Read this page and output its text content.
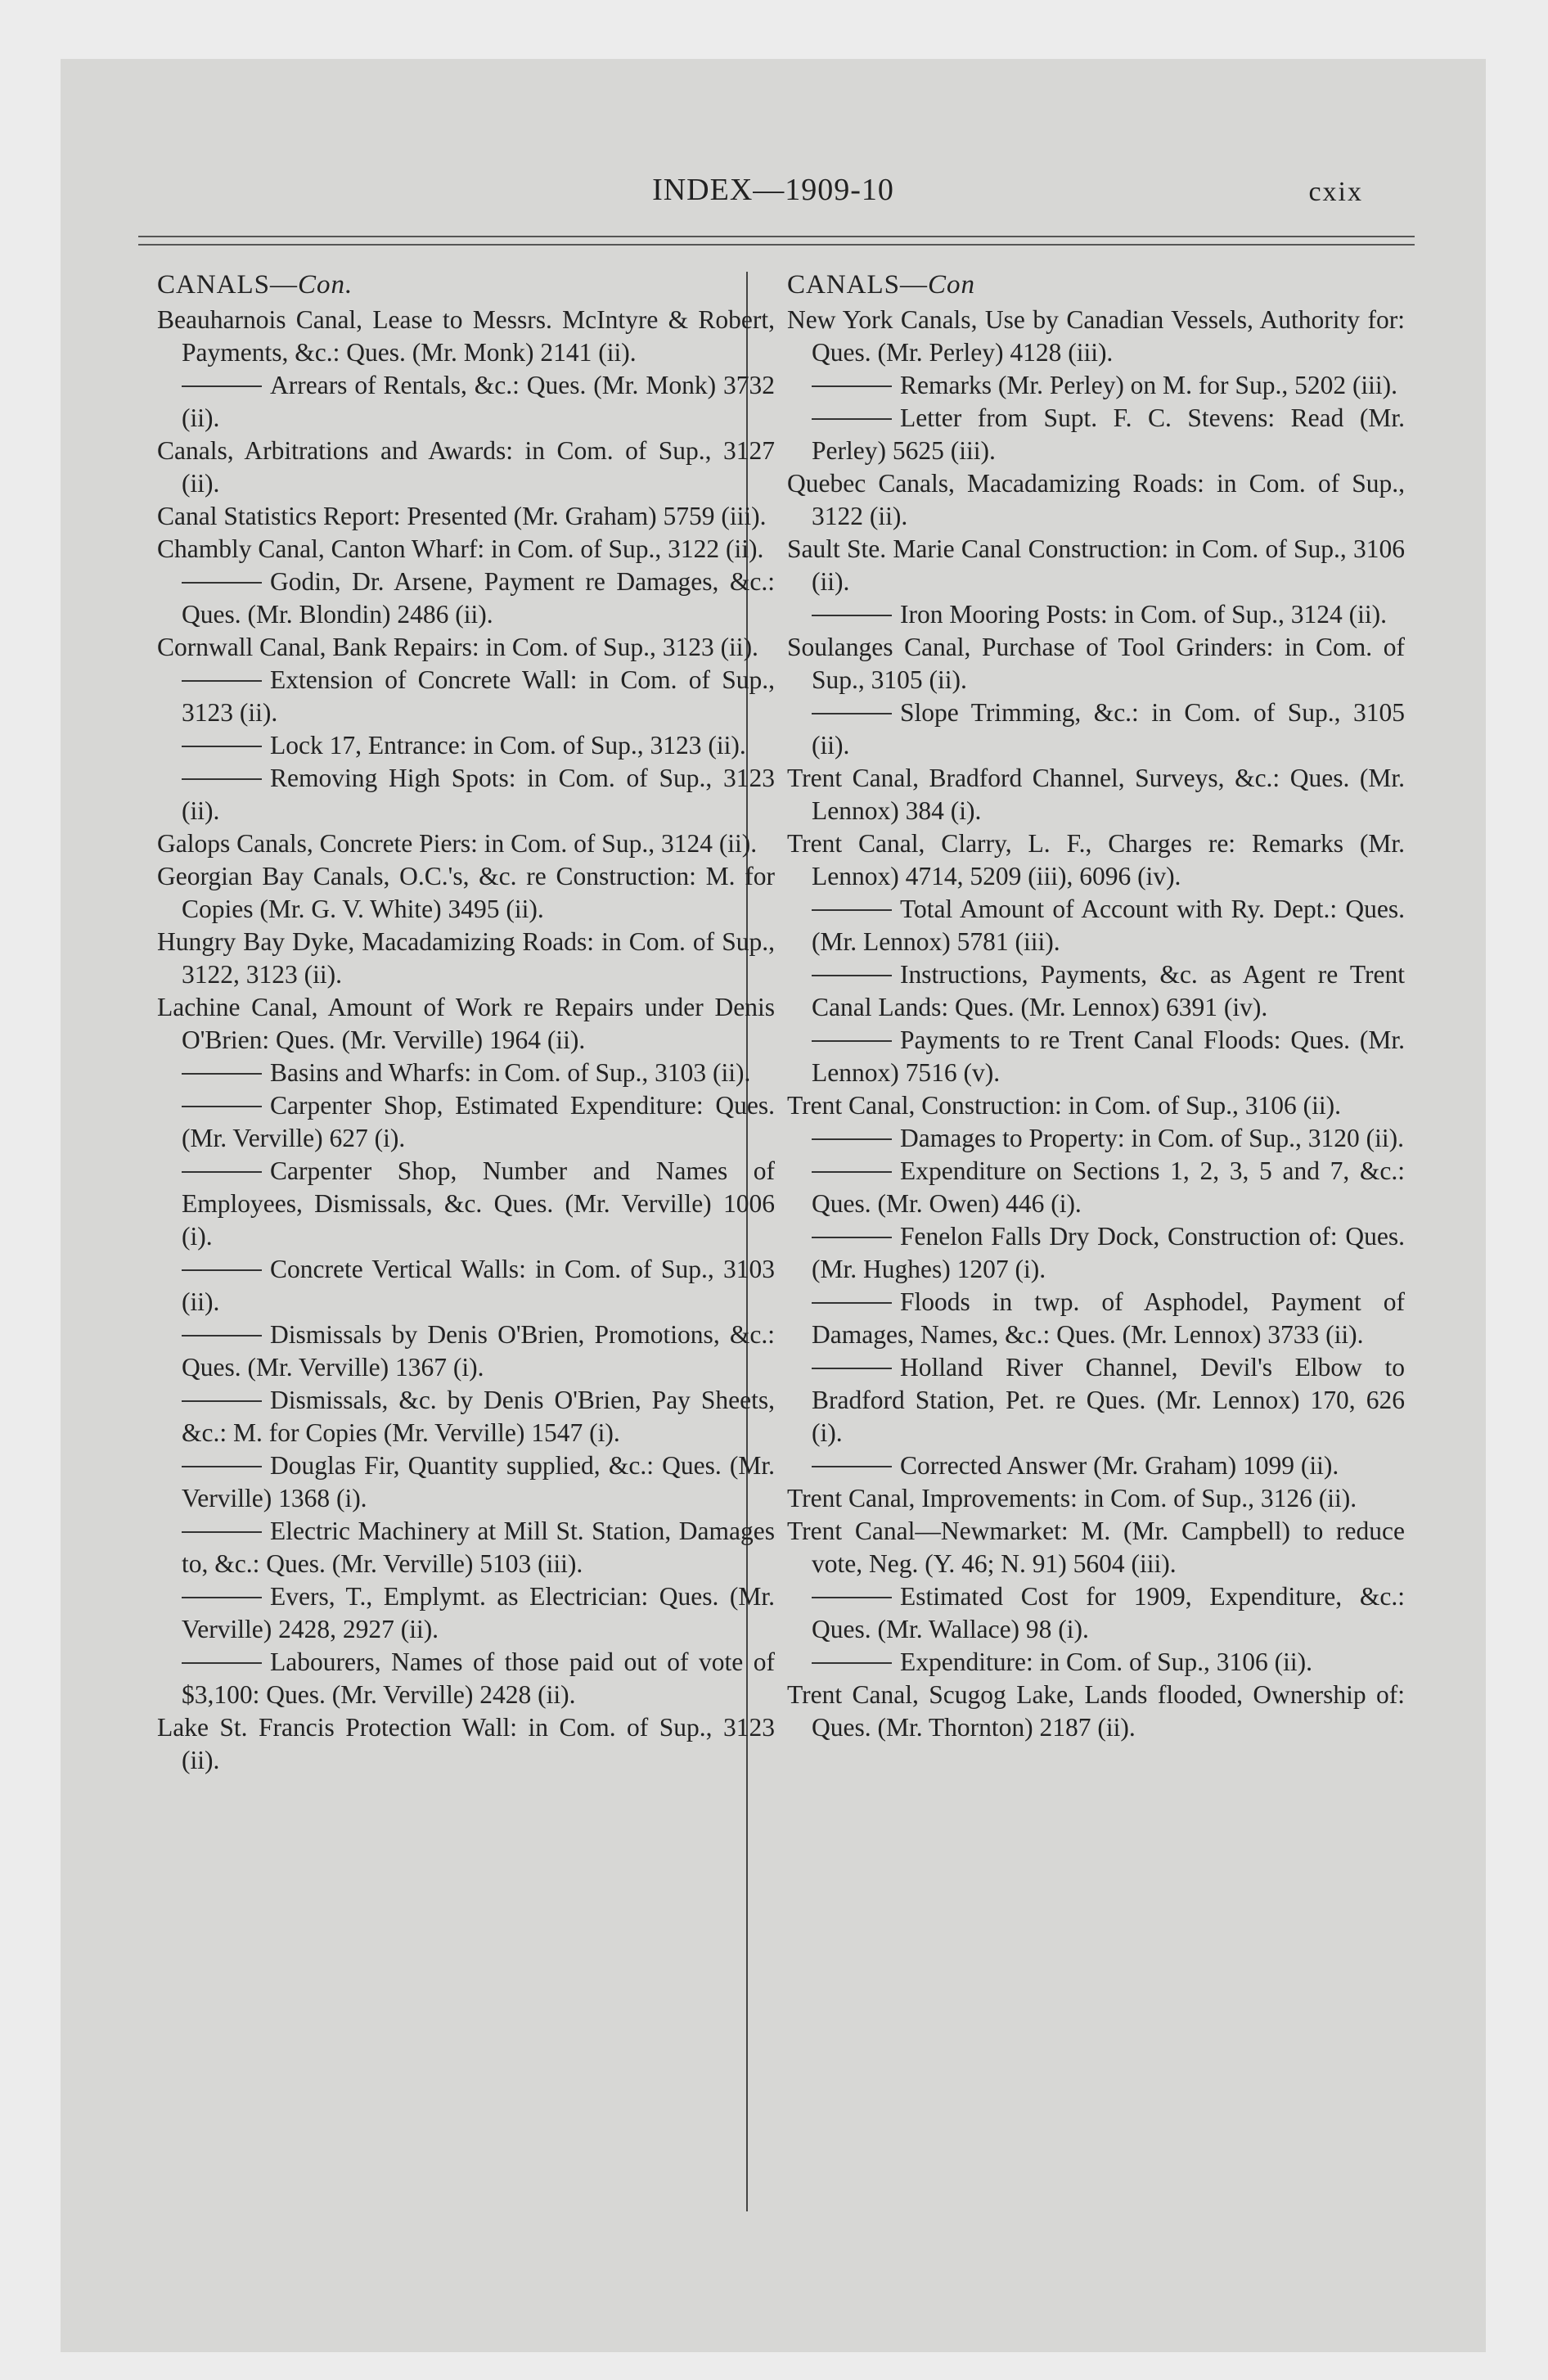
INDEX—1909-10	cxix
CANALS—Con.

Beauharnois Canal, Lease to Messrs. McIntyre & Robert, Payments, &c.: Ques. (Mr. Monk) 2141 (ii).

Arrears of Rentals, &c.: Ques. (Mr. Monk) 3732 (ii).

Canals, Arbitrations and Awards: in Com. of Sup., 3127 (ii).

Canal Statistics Report: Presented (Mr. Graham) 5759 (iii).

Chambly Canal, Canton Wharf: in Com. of Sup., 3122 (ii).

Godin, Dr. Arsene, Payment re Damages, &c.: Ques. (Mr. Blondin) 2486 (ii).

Cornwall Canal, Bank Repairs: in Com. of Sup., 3123 (ii).

Extension of Concrete Wall: in Com. of Sup., 3123 (ii).

Lock 17, Entrance: in Com. of Sup., 3123 (ii).

Removing High Spots: in Com. of Sup., 3123 (ii).

Galops Canals, Concrete Piers: in Com. of Sup., 3124 (ii).

Georgian Bay Canals, O.C.'s, &c. re Construction: M. for Copies (Mr. G. V. White) 3495 (ii).

Hungry Bay Dyke, Macadamizing Roads: in Com. of Sup., 3122, 3123 (ii).

Lachine Canal, Amount of Work re Repairs under Denis O'Brien: Ques. (Mr. Verville) 1964 (ii).

Basins and Wharfs: in Com. of Sup., 3103 (ii).

Carpenter Shop, Estimated Expenditure: Ques. (Mr. Verville) 627 (i).

Carpenter Shop, Number and Names of Employees, Dismissals, &c. Ques. (Mr. Verville) 1006 (i).

Concrete Vertical Walls: in Com. of Sup., 3103 (ii).

Dismissals by Denis O'Brien, Promotions, &c.: Ques. (Mr. Verville) 1367 (i).

Dismissals, &c. by Denis O'Brien, Pay Sheets, &c.: M. for Copies (Mr. Verville) 1547 (i).

Douglas Fir, Quantity supplied, &c.: Ques. (Mr. Verville) 1368 (i).

Electric Machinery at Mill St. Station, Damages to, &c.: Ques. (Mr. Verville) 5103 (iii).

Evers, T., Emplymt. as Electrician: Ques. (Mr. Verville) 2428, 2927 (ii).

Labourers, Names of those paid out of vote of $3,100: Ques. (Mr. Verville) 2428 (ii).

Lake St. Francis Protection Wall: in Com. of Sup., 3123 (ii).

CANALS—Con

New York Canals, Use by Canadian Vessels, Authority for: Ques. (Mr. Perley) 4128 (iii).

Remarks (Mr. Perley) on M. for Sup., 5202 (iii).

Letter from Supt. F. C. Stevens: Read (Mr. Perley) 5625 (iii).

Quebec Canals, Macadamizing Roads: in Com. of Sup., 3122 (ii).

Sault Ste. Marie Canal Construction: in Com. of Sup., 3106 (ii).

Iron Mooring Posts: in Com. of Sup., 3124 (ii).

Soulanges Canal, Purchase of Tool Grinders: in Com. of Sup., 3105 (ii).

Slope Trimming, &c.: in Com. of Sup., 3105 (ii).

Trent Canal, Bradford Channel, Surveys, &c.: Ques. (Mr. Lennox) 384 (i).

Trent Canal, Clarry, L. F., Charges re: Remarks (Mr. Lennox) 4714, 5209 (iii), 6096 (iv).

Total Amount of Account with Ry. Dept.: Ques. (Mr. Lennox) 5781 (iii).

Instructions, Payments, &c. as Agent re Trent Canal Lands: Ques. (Mr. Lennox) 6391 (iv).

Payments to re Trent Canal Floods: Ques. (Mr. Lennox) 7516 (v).

Trent Canal, Construction: in Com. of Sup., 3106 (ii).

Damages to Property: in Com. of Sup., 3120 (ii).

Expenditure on Sections 1, 2, 3, 5 and 7, &c.: Ques. (Mr. Owen) 446 (i).

Fenelon Falls Dry Dock, Construction of: Ques. (Mr. Hughes) 1207 (i).

Floods in twp. of Asphodel, Payment of Damages, Names, &c.: Ques. (Mr. Lennox) 3733 (ii).

Holland River Channel, Devil's Elbow to Bradford Station, Pet. re Ques. (Mr. Lennox) 170, 626 (i).

Corrected Answer (Mr. Graham) 1099 (ii).

Trent Canal, Improvements: in Com. of Sup., 3126 (ii).

Trent Canal—Newmarket: M. (Mr. Campbell) to reduce vote, Neg. (Y. 46; N. 91) 5604 (iii).

Estimated Cost for 1909, Expenditure, &c.: Ques. (Mr. Wallace) 98 (i).

Expenditure: in Com. of Sup., 3106 (ii).

Trent Canal, Scugog Lake, Lands flooded, Ownership of: Ques. (Mr. Thornton) 2187 (ii).
